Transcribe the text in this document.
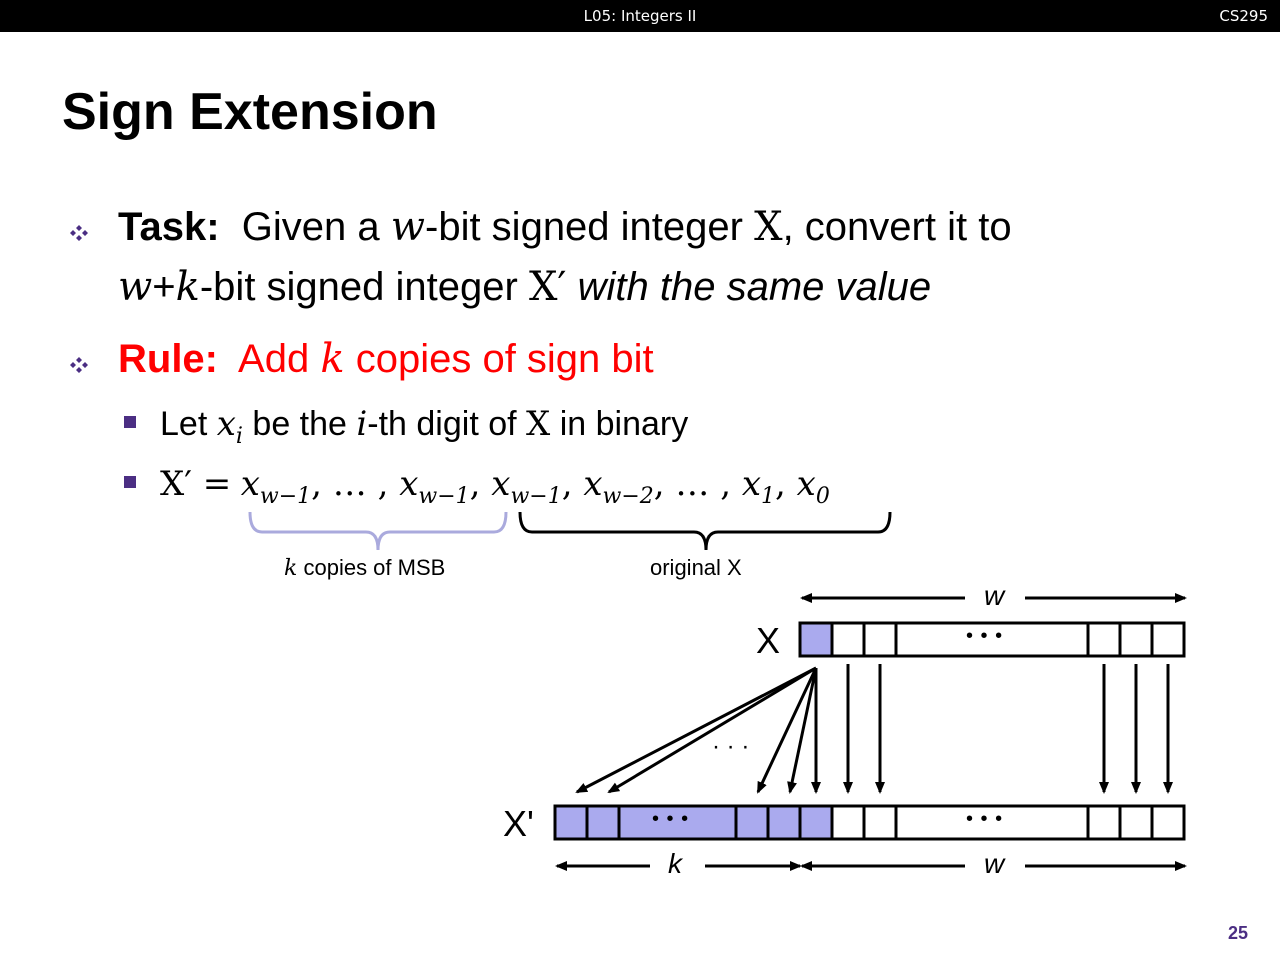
L05: Integers II	CS295
Sign Extension
Task: Given a w-bit signed integer X, convert it to
w+k-bit signed integer X′ with the same value
Rule: Add k copies of sign bit
Let $x_i$ be the i-th digit of X in binary
$X' = x_{w-1}$, … , $x_{w-1}$, $x_{w-1}$, $x_{w-2}$, … , $x_1$, $x_0$
k copies of MSB	original X
w
X	• • •
· · ·
X'	• • •	• • •
k	w
25
